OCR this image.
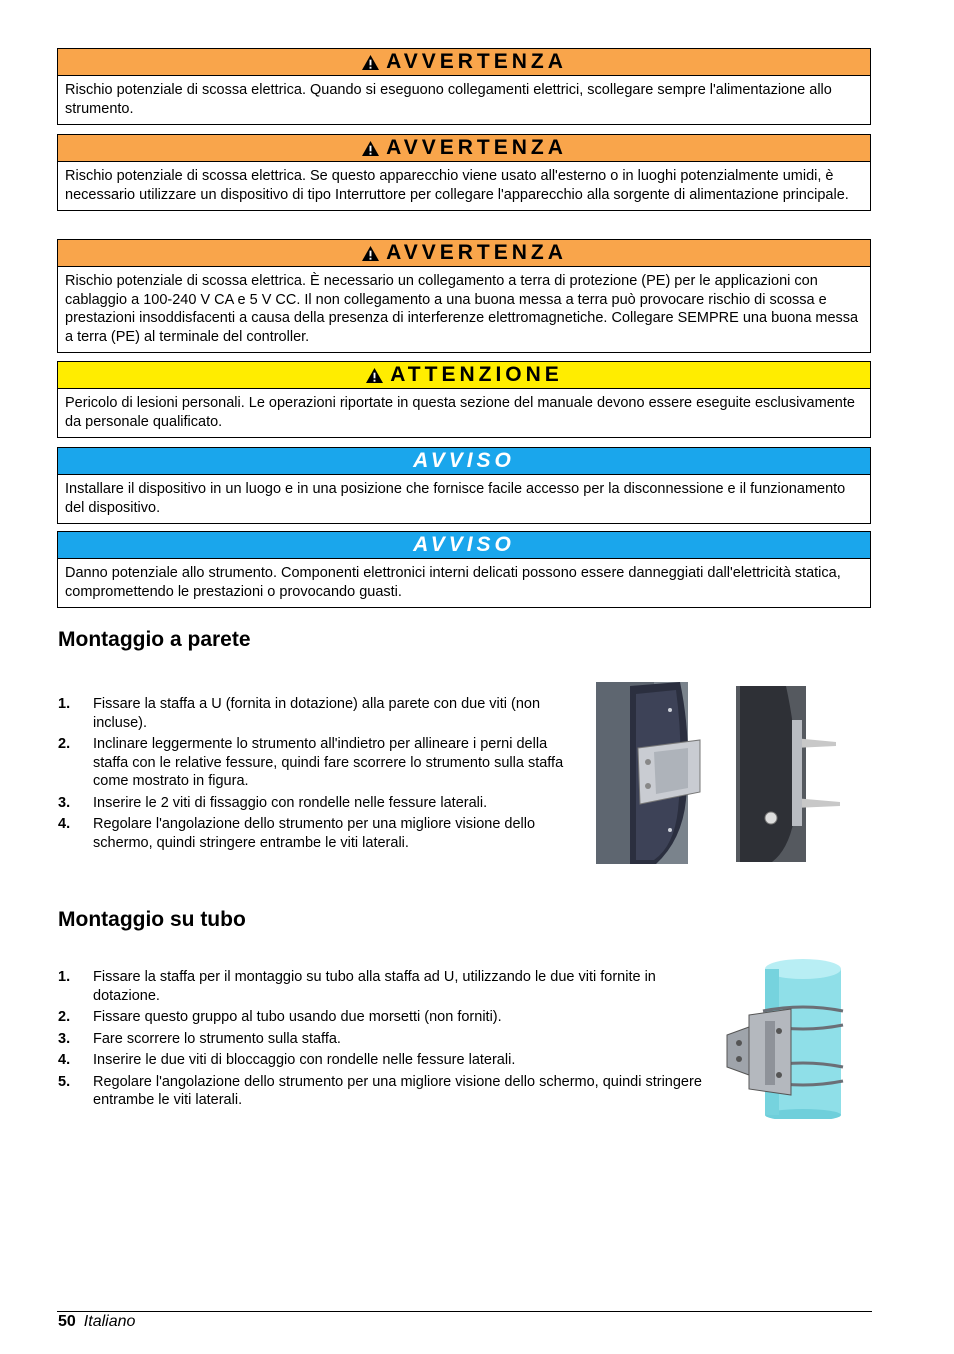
AVVERTENZA
Rischio potenziale di scossa elettrica. Quando si eseguono collegamenti elettrici, scollegare sempre l'alimentazione allo strumento.
AVVERTENZA
Rischio potenziale di scossa elettrica. Se questo apparecchio viene usato all'esterno o in luoghi potenzialmente umidi, è necessario utilizzare un dispositivo di tipo Interruttore per collegare l'apparecchio alla sorgente di alimentazione principale.
AVVERTENZA
Rischio potenziale di scossa elettrica. È necessario un collegamento a terra di protezione (PE) per le applicazioni con cablaggio a 100-240 V CA e 5 V CC. Il non collegamento a una buona messa a terra può provocare rischio di scossa e prestazioni insoddisfacenti a causa della presenza di interferenze elettromagnetiche. Collegare SEMPRE una buona messa a terra (PE) al terminale del controller.
ATTENZIONE
Pericolo di lesioni personali. Le operazioni riportate in questa sezione del manuale devono essere eseguite esclusivamente da personale qualificato.
AVVISO
Installare il dispositivo in un luogo e in una posizione che fornisce facile accesso per la disconnessione e il funzionamento del dispositivo.
AVVISO
Danno potenziale allo strumento. Componenti elettronici interni delicati possono essere danneggiati dall'elettricità statica, compromettendo le prestazioni o provocando guasti.
Montaggio a parete
1.	Fissare la staffa a U (fornita in dotazione) alla parete con due viti (non incluse).
2.	Inclinare leggermente lo strumento all'indietro per allineare i perni della staffa con le relative fessure, quindi fare scorrere lo strumento sulla staffa come mostrato in figura.
3.	Inserire le 2 viti di fissaggio con rondelle nelle fessure laterali.
4.	Regolare l'angolazione dello strumento per una migliore visione dello schermo, quindi stringere entrambe le viti laterali.
Montaggio su tubo
1.	Fissare la staffa per il montaggio su tubo alla staffa ad U, utilizzando le due viti fornite in dotazione.
2.	Fissare questo gruppo al tubo usando due morsetti (non forniti).
3.	Fare scorrere lo strumento sulla staffa.
4.	Inserire le due viti di bloccaggio con rondelle nelle fessure laterali.
5.	Regolare l'angolazione dello strumento per una migliore visione dello schermo, quindi stringere entrambe le viti laterali.
50 Italiano
